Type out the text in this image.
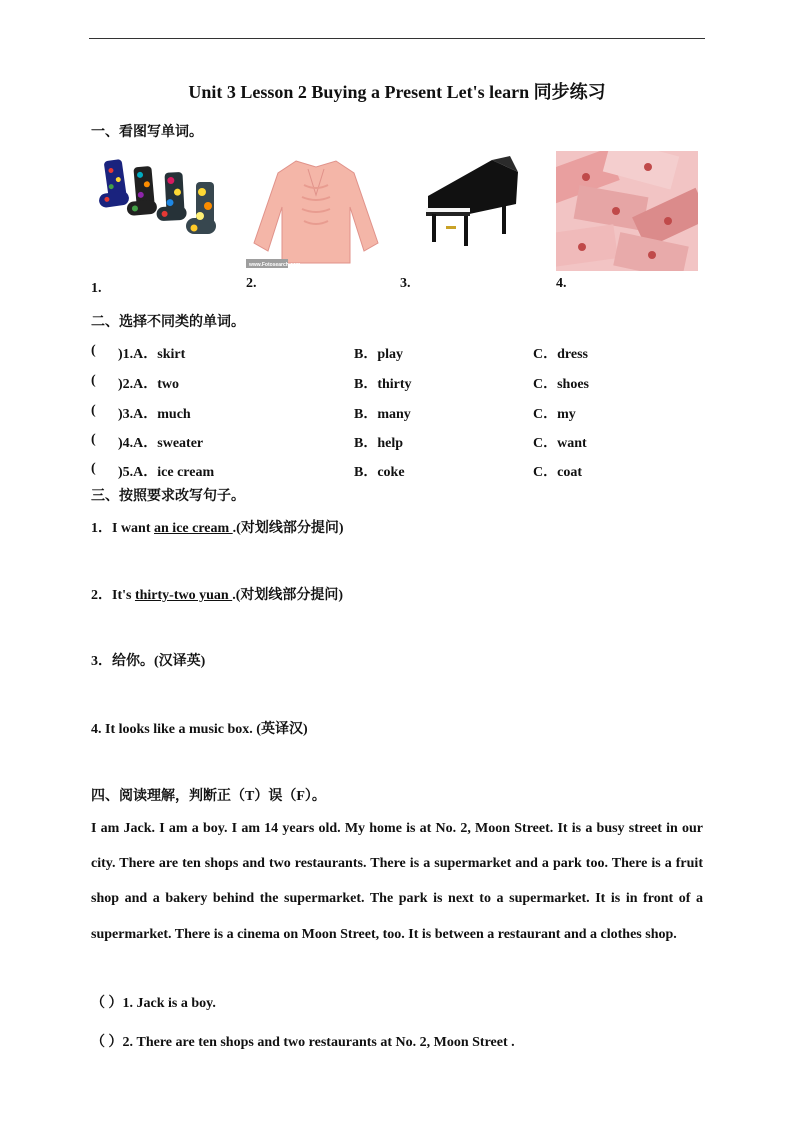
Unit 3 Lesson 2 Buying a Present Let's learn 同步练习
一、看图写单词。
www.Fotosearch.com
1.	2.	3.	4.
二、选择不同类的单词。
( )1.A．skirt	B．play	C．dress
( )2.A．two	B．thirty	C．shoes
( )3.A．much	B．many	C．my
( )4.A．sweater	B．help	C．want
( )5.A．ice cream	B．coke	C．coat
三、按照要求改写句子。
1．I want an ice cream .(对划线部分提问)
2．It's thirty-two yuan .(对划线部分提问)
3．给你。(汉译英)
4. It looks like a music box. (英译汉)
四、阅读理解，判断正（T）误（F）。
I am Jack. I am a boy. I am 14 years old. My home is at No. 2, Moon Street. It is a busy street in our city. There are ten shops and two restaurants. There is a supermarket and a park too. There is a fruit shop and a bakery behind the supermarket. The park is next to a supermarket. It is in front of a supermarket. There is a cinema on Moon Street, too. It is between a restaurant and a clothes shop.
（ ）1. Jack is a boy.
（ ）2. There are ten shops and two restaurants at No. 2, Moon Street .
